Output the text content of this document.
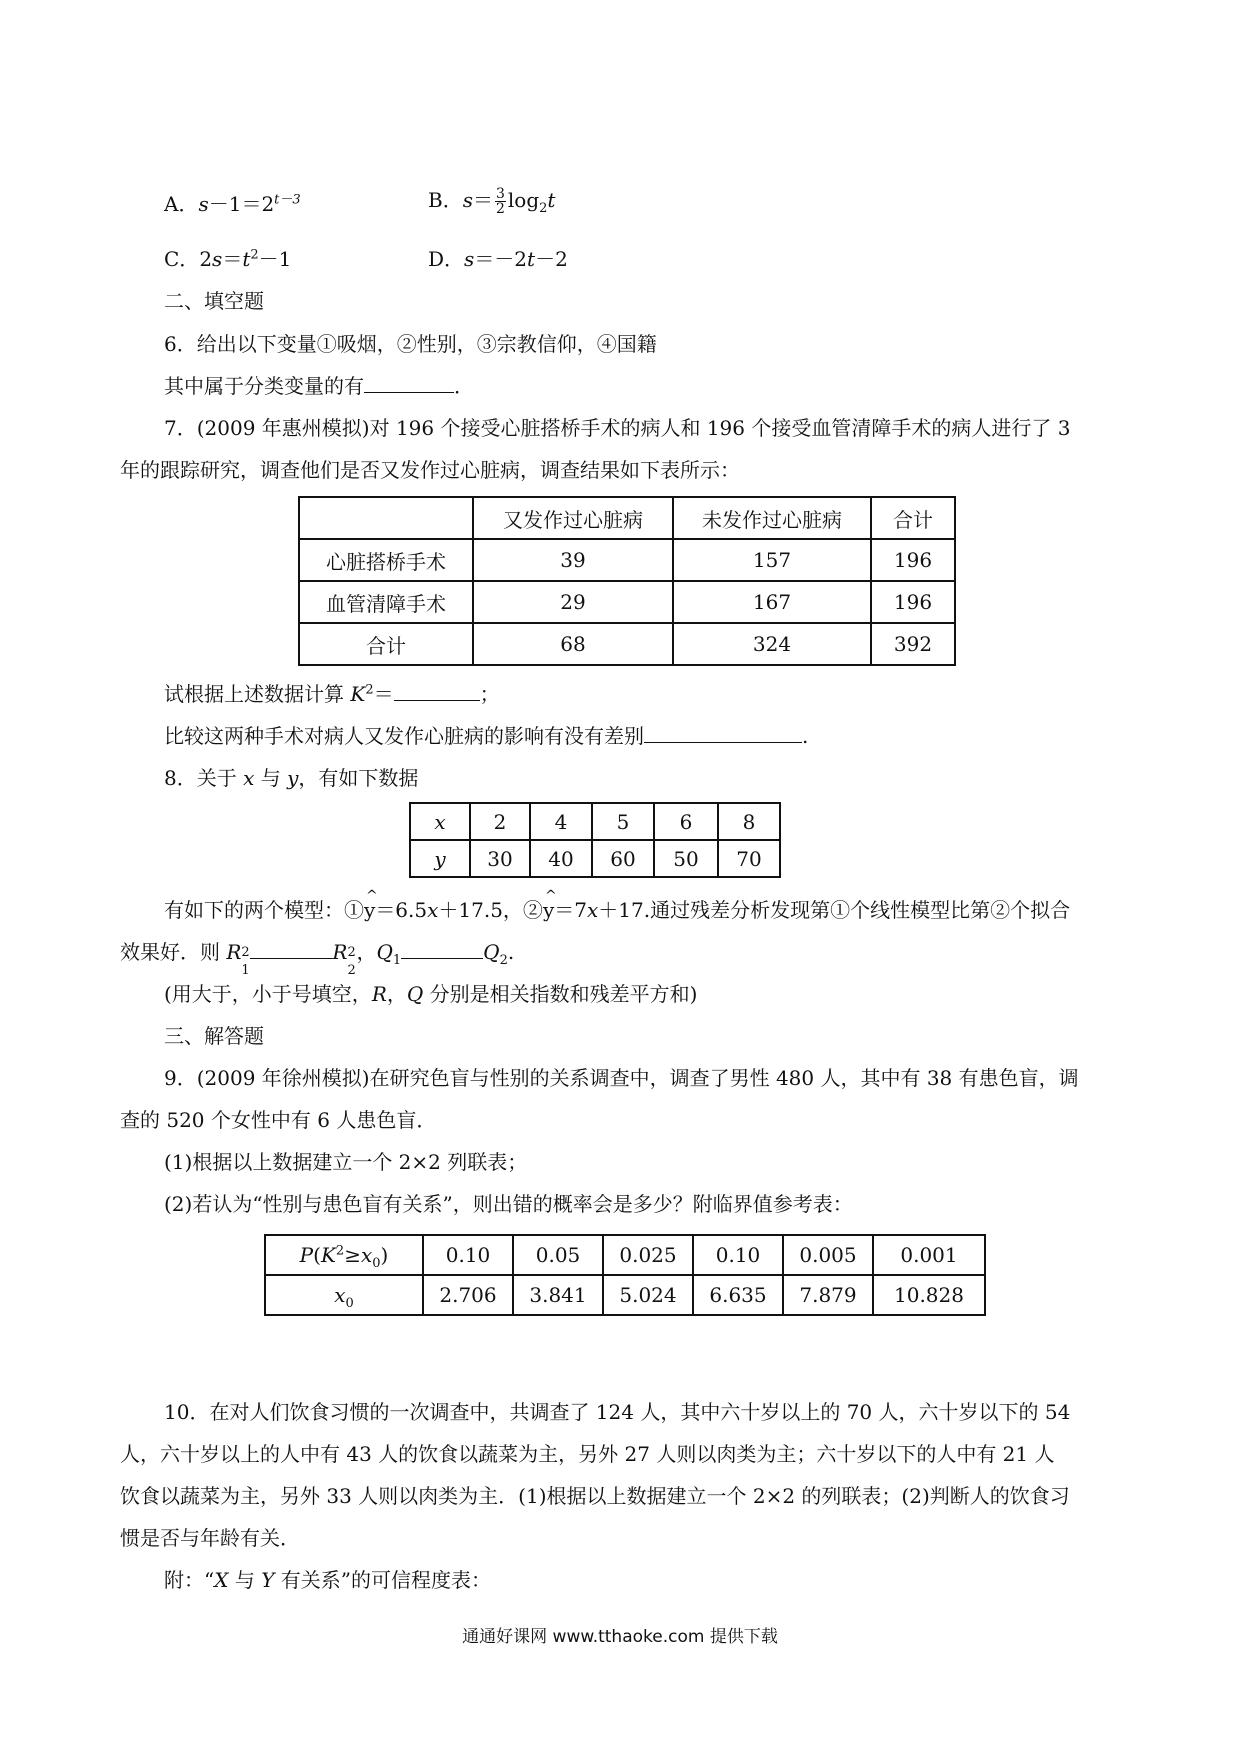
A．$s-1=2^{t-3}$	B．$s= \frac{3}{2} \log_2t$
C．$2s=t^2-1$	D．s＝－2t－2
二、填空题
6．给出以下变量①吸烟，②性别，③宗教信仰，④国籍
其中属于分类变量的有	．
7．(2009 年惠州模拟)对 196 个接受心脏搭桥手术的病人和 196 个接受血管清障手术的病人进行了 3
年的跟踪研究，调查他们是否又发作过心脏病，调查结果如下表所示：
	又发作过心脏病	未发作过心脏病	合计
心脏搭桥手术	39	157	196
血管清障手术	29	167	196
合计	68	324	392
试根据上述数据计算 $K^2=$	；
比较这两种手术对病人又发作心脏病的影响有没有差别	.
8．关于 x 与 y，有如下数据
x	2	4	5	6	8
y	30	40	60	50	70
有如下的两个模型：①^ y＝6.5x＋17.5，②^ y＝7x＋17.通过残差分析发现第①个线性模型比第②个拟合
效果好．则 R 2
1
R 2
2
，$Q_1$	$Q_2$.
(用大于，小于号填空，R，Q 分别是相关指数和残差平方和)
三、解答题
9．(2009 年徐州模拟)在研究色盲与性别的关系调查中，调查了男性 480 人，其中有 38 有患色盲，调
查的 520 个女性中有 6 人患色盲．
(1)根据以上数据建立一个 2×2 列联表；
(2)若认为“性别与患色盲有关系”，则出错的概率会是多少？附临界值参考表：
$P(K^2\ge x_0)$	0.10	0.05	0.025	0.10	0.005	0.001
$x_0$	2.706	3.841	5.024	6.635	7.879	10.828
10．在对人们饮食习惯的一次调查中，共调查了 124 人，其中六十岁以上的 70 人，六十岁以下的 54
人，六十岁以上的人中有 43 人的饮食以蔬菜为主，另外 27 人则以肉类为主；六十岁以下的人中有 21 人
饮食以蔬菜为主，另外 33 人则以肉类为主．(1)根据以上数据建立一个 2×2 的列联表；(2)判断人的饮食习
惯是否与年龄有关．
附：“X 与 Y 有关系”的可信程度表：
通通好课网 www.tthaoke.com 提供下载
